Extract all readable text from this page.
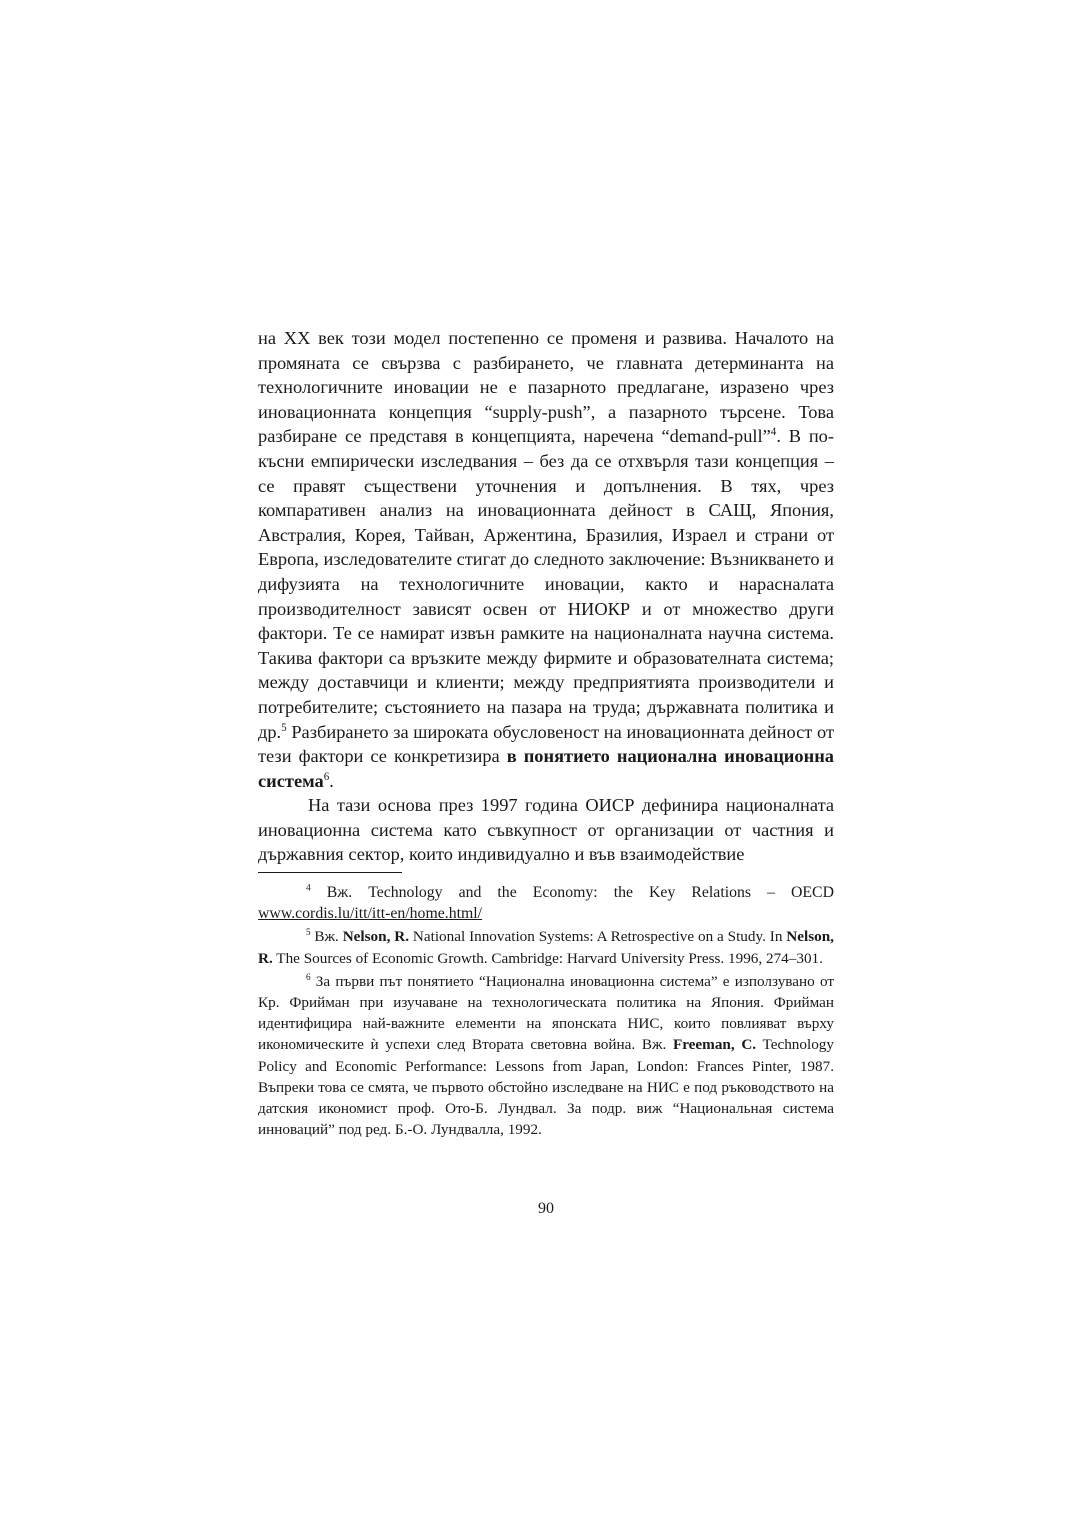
на XX век този модел постепенно се променя и развива. Началото на промяната се свързва с разбирането, че главната детерминанта на технологичните иновации не е пазарното предлагане, изразено чрез иновационната концепция “supply-push”, а пазарното търсене. Това разбиране се представя в концепцията, наречена “demand-pull”$^4$. В по-късни емпирически изследвания – без да се отхвърля тази концепция – се правят съществени уточнения и допълнения. В тях, чрез компаративен анализ на иновационната дейност в САЩ, Япония, Австралия, Корея, Тайван, Аржентина, Бразилия, Израел и страни от Европа, изследователите стигат до следното заключение: Възникването и дифузията на технологичните иновации, както и нарасналата производителност зависят освен от НИОКР и от множество други фактори. Те се намират извън рамките на националната научна система. Такива фактори са връзките между фирмите и образователната система; между доставчици и клиенти; между предприятията производители и потребителите; състоянието на пазара на труда; държавната политика и др.$^5$ Разбирането за широката обусловеност на иновационната дейност от тези фактори се конкретизира в понятието национална иновационна система$^6$.

На тази основа през 1997 година ОИСР дефинира националната иновационна система като съвкупност от организации от частния и държавния сектор, които индивидуално и във взаимодействие

$^4$ Вж. Technology and the Economy: the Key Relations – OECD www.cordis.lu/itt/itt-en/home.html/

$^5$ Вж. Nelson, R. National Innovation Systems: A Retrospective on a Study. In Nelson, R. The Sources of Economic Growth. Cambridge: Harvard University Press. 1996, 274–301.

$^6$ За първи път понятието “Национална иновационна система” е използувано от Кр. Фрийман при изучаване на технологическата политика на Япония. Фрийман идентифицира най-важните елементи на японската НИС, които повлияват върху икономическите ѝ успехи след Втората световна война. Вж. Freeman, C. Technology Policy and Economic Performance: Lessons from Japan, London: Frances Pinter, 1987. Въпреки това се смята, че първото обстойно изследване на НИС е под ръководството на датския икономист проф. Ото-Б. Лундвал. За подр. виж “Национальная система инноваций” под ред. Б.-О. Лундвалла, 1992.

90
